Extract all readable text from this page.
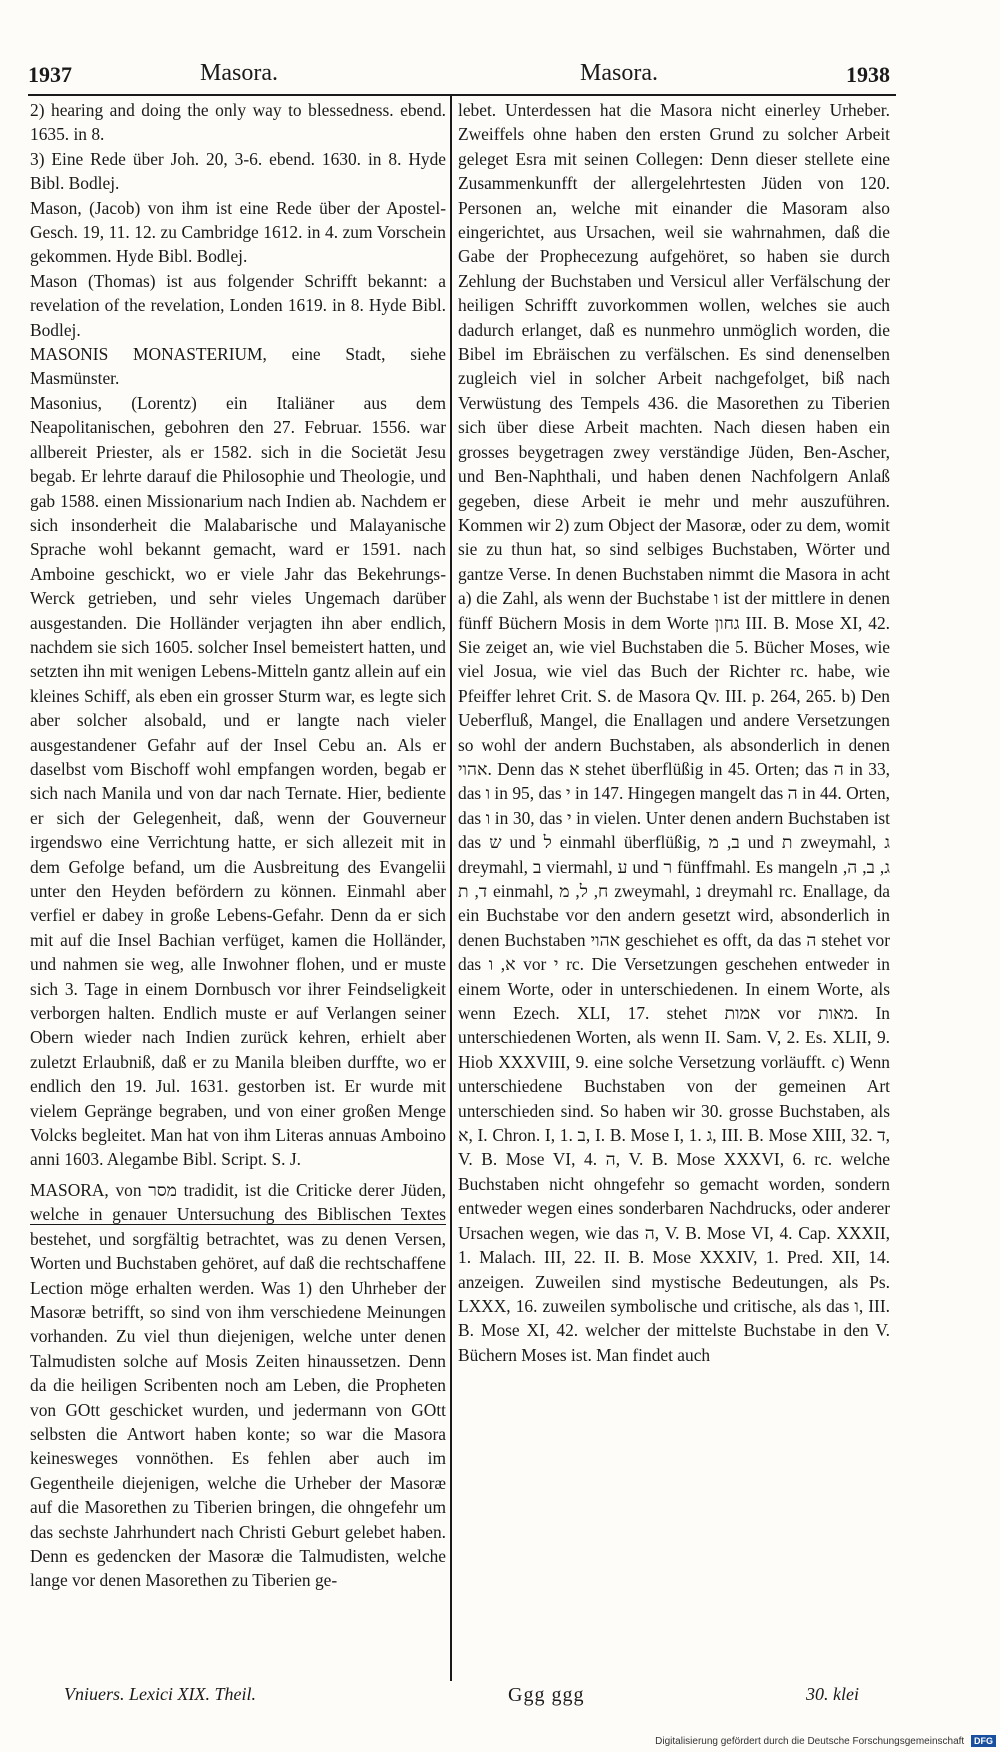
1937	Masora.	Masora.	1938

2) hearing and doing the only way to blessedness. ebend. 1635. in 8.

3) Eine Rede über Joh. 20, 3-6. ebend. 1630. in 8. Hyde Bibl. Bodlej.

Mason, (Jacob) von ihm ist eine Rede über der Apostel-Gesch. 19, 11. 12. zu Cambridge 1612. in 4. zum Vorschein gekommen. Hyde Bibl. Bodlej.

Mason (Thomas) ist aus folgender Schrifft bekannt: a revelation of the revelation, Londen 1619. in 8. Hyde Bibl. Bodlej.

MASONIS MONASTERIUM, eine Stadt, siehe Masmünster.

Masonius, (Lorentz) ein Italiäner aus dem Neapolitanischen, gebohren den 27. Februar. 1556. war allbereit Priester, als er 1582. sich in die Societät Jesu begab. Er lehrte darauf die Philosophie und Theologie, und gab 1588. einen Missionarium nach Indien ab. Nachdem er sich insonderheit die Malabarische und Malayanische Sprache wohl bekannt gemacht, ward er 1591. nach Amboine geschickt, wo er viele Jahr das Bekehrungs-Werck getrieben, und sehr vieles Ungemach darüber ausgestanden. Die Holländer verjagten ihn aber endlich, nachdem sie sich 1605. solcher Insel bemeistert hatten, und setzten ihn mit wenigen Lebens-Mitteln gantz allein auf ein kleines Schiff, als eben ein grosser Sturm war, es legte sich aber solcher alsobald, und er langte nach vieler ausgestandener Gefahr auf der Insel Cebu an. Als er daselbst vom Bischoff wohl empfangen worden, begab er sich nach Manila und von dar nach Ternate. Hier, bediente er sich der Gelegenheit, daß, wenn der Gouverneur irgendswo eine Verrichtung hatte, er sich allezeit mit in dem Gefolge befand, um die Ausbreitung des Evangelii unter den Heyden befördern zu können. Einmahl aber verfiel er dabey in große Lebens-Gefahr. Denn da er sich mit auf die Insel Bachian verfüget, kamen die Holländer, und nahmen sie weg, alle Inwohner flohen, und er muste sich 3. Tage in einem Dornbusch vor ihrer Feindseligkeit verborgen halten. Endlich muste er auf Verlangen seiner Obern wieder nach Indien zurück kehren, erhielt aber zuletzt Erlaubniß, daß er zu Manila bleiben durffte, wo er endlich den 19. Jul. 1631. gestorben ist. Er wurde mit vielem Gepränge begraben, und von einer großen Menge Volcks begleitet. Man hat von ihm Literas annuas Amboino anni 1603. Alegambe Bibl. Script. S. J.

MASORA, von מסר tradidit, ist die Criticke derer Jüden, welche in genauer Untersuchung des Biblischen Textes bestehet, und sorgfältig betrachtet, was zu denen Versen, Worten und Buchstaben gehöret, auf daß die rechtschaffene Lection möge erhalten werden. Was 1) den Uhrheber der Masoræ betrifft, so sind von ihm verschiedene Meinungen vorhanden. Zu viel thun diejenigen, welche unter denen Talmudisten solche auf Mosis Zeiten hinaussetzen. Denn da die heiligen Scribenten noch am Leben, die Propheten von GOtt geschicket wurden, und jedermann von GOtt selbsten die Antwort haben konte; so war die Masora keinesweges vonnöthen. Es fehlen aber auch im Gegentheile diejenigen, welche die Urheber der Masoræ auf die Masorethen zu Tiberien bringen, die ohngefehr um das sechste Jahrhundert nach Christi Geburt gelebet haben. Denn es gedencken der Masoræ die Talmudisten, welche lange vor denen Masorethen zu Tiberien ge-

lebet. Unterdessen hat die Masora nicht einerley Urheber. Zweiffels ohne haben den ersten Grund zu solcher Arbeit geleget Esra mit seinen Collegen: Denn dieser stellete eine Zusammenkunfft der allergelehrtesten Jüden von 120. Personen an, welche mit einander die Masoram also eingerichtet, aus Ursachen, weil sie wahrnahmen, daß die Gabe der Prophecezung aufgehöret, so haben sie durch Zehlung der Buchstaben und Versicul aller Verfälschung der heiligen Schrifft zuvorkommen wollen, welches sie auch dadurch erlanget, daß es nunmehro unmöglich worden, die Bibel im Ebräischen zu verfälschen. Es sind denenselben zugleich viel in solcher Arbeit nachgefolget, biß nach Verwüstung des Tempels 436. die Masorethen zu Tiberien sich über diese Arbeit machten. Nach diesen haben ein grosses beygetragen zwey verständige Jüden, Ben-Ascher, und Ben-Naphthali, und haben denen Nachfolgern Anlaß gegeben, diese Arbeit ie mehr und mehr auszuführen. Kommen wir 2) zum Object der Masoræ, oder zu dem, womit sie zu thun hat, so sind selbiges Buchstaben, Wörter und gantze Verse. In denen Buchstaben nimmt die Masora in acht a) die Zahl, als wenn der Buchstabe ו ist der mittlere in denen fünff Büchern Mosis in dem Worte גחון III. B. Mose XI, 42. Sie zeiget an, wie viel Buchstaben die 5. Bücher Moses, wie viel Josua, wie viel das Buch der Richter rc. habe, wie Pfeiffer lehret Crit. S. de Masora Qv. III. p. 264, 265. b) Den Ueberfluß, Mangel, die Enallagen und andere Versetzungen so wohl der andern Buchstaben, als absonderlich in denen אהוי. Denn das א stehet überflüßig in 45. Orten; das ה in 33, das ו in 95, das י in 147. Hingegen mangelt das ה in 44. Orten, das ו in 30, das י in vielen. Unter denen andern Buchstaben ist das ש und ל einmahl überflüßig, ב, מ und ת zweymahl, ג dreymahl, ב viermahl, ע und ר fünffmahl. Es mangeln ג, ב, ה, ד, ת einmahl, ח, ל, מ zweymahl, נ dreymahl rc. Enallage, da ein Buchstabe vor den andern gesetzt wird, absonderlich in denen Buchstaben אהוי geschiehet es offt, da das ה stehet vor das א, ו vor י rc. Die Versetzungen geschehen entweder in einem Worte, oder in unterschiedenen. In einem Worte, als wenn Ezech. XLI, 17. stehet אמות vor מאות. In unterschiedenen Worten, als wenn II. Sam. V, 2. Es. XLII, 9. Hiob XXXVIII, 9. eine solche Versetzung vorläufft. c) Wenn unterschiedene Buchstaben von der gemeinen Art unterschieden sind. So haben wir 30. grosse Buchstaben, als א, I. Chron. I, 1. ב, I. B. Mose I, 1. ג, III. B. Mose XIII, 32. ד, V. B. Mose VI, 4. ה, V. B. Mose XXXVI, 6. rc. welche Buchstaben nicht ohngefehr so gemacht worden, sondern entweder wegen eines sonderbaren Nachdrucks, oder anderer Ursachen wegen, wie das ה, V. B. Mose VI, 4. Cap. XXXII, 1. Malach. III, 22. II. B. Mose XXXIV, 1. Pred. XII, 14. anzeigen. Zuweilen sind mystische Bedeutungen, als Ps. LXXX, 16. zuweilen symbolische und critische, als das ו, III. B. Mose XI, 42. welcher der mittelste Buchstabe in den V. Büchern Moses ist. Man findet auch

Vniuers. Lexici XIX. Theil.	Ggg ggg	30. klei
Digitalisierung gefördert durch die Deutsche Forschungsgemeinschaft DFG
